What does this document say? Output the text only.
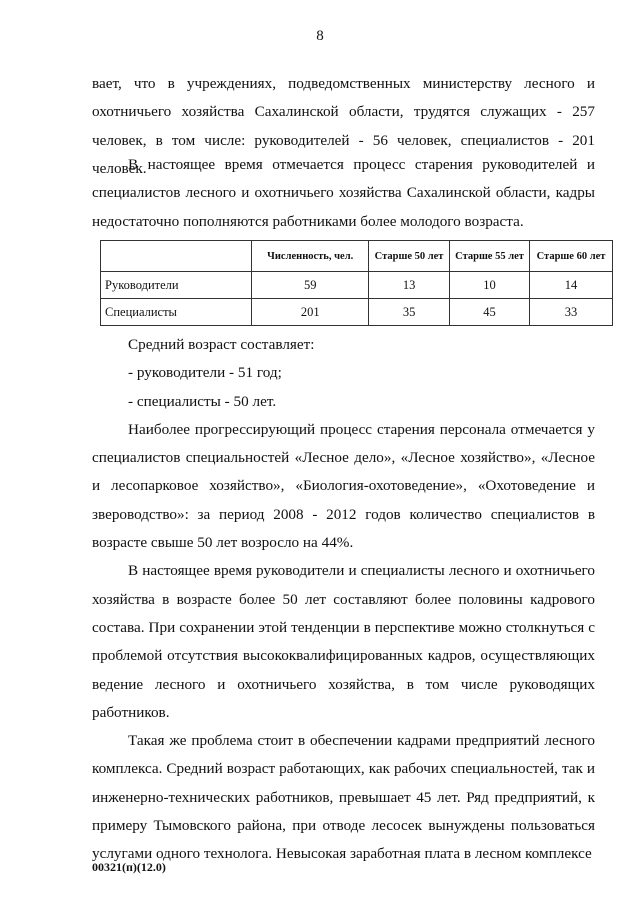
8

вает, что в учреждениях, подведомственных министерству лесного и охотничьего хозяйства Сахалинской области, трудятся служащих - 257 человек, в том числе: руководителей - 56 человек, специалистов - 201 человек.

В настоящее время отмечается процесс старения руководителей и специалистов лесного и охотничьего хозяйства Сахалинской области, кадры недостаточно пополняются работниками более молодого возраста.

	Численность, чел.	Старше 50 лет	Старше 55 лет	Старше 60 лет
Руководители	59	13	10	14
Специалисты	201	35	45	33

Средний возраст составляет:

- руководители - 51 год;

- специалисты - 50 лет.

Наиболее прогрессирующий процесс старения персонала отмечается у специалистов специальностей «Лесное дело», «Лесное хозяйство», «Лесное и лесопарковое хозяйство», «Биология-охотоведение», «Охотоведение и звероводство»: за период 2008 - 2012 годов количество специалистов в возрасте свыше 50 лет возросло на 44%.

В настоящее время руководители и специалисты лесного и охотничьего хозяйства в возрасте более 50 лет составляют более половины кадрового состава. При сохранении этой тенденции в перспективе можно столкнуться с проблемой отсутствия высококвалифицированных кадров, осуществляющих ведение лесного и охотничьего хозяйства, в том числе руководящих работников.

Такая же проблема стоит в обеспечении кадрами предприятий лесного комплекса. Средний возраст работающих, как рабочих специальностей, так и инженерно-технических работников, превышает 45 лет. Ряд предприятий, к примеру Тымовского района, при отводе лесосек вынуждены пользоваться услугами одного технолога. Невысокая заработная плата в лесном комплексе

00321(п)(12.0)
